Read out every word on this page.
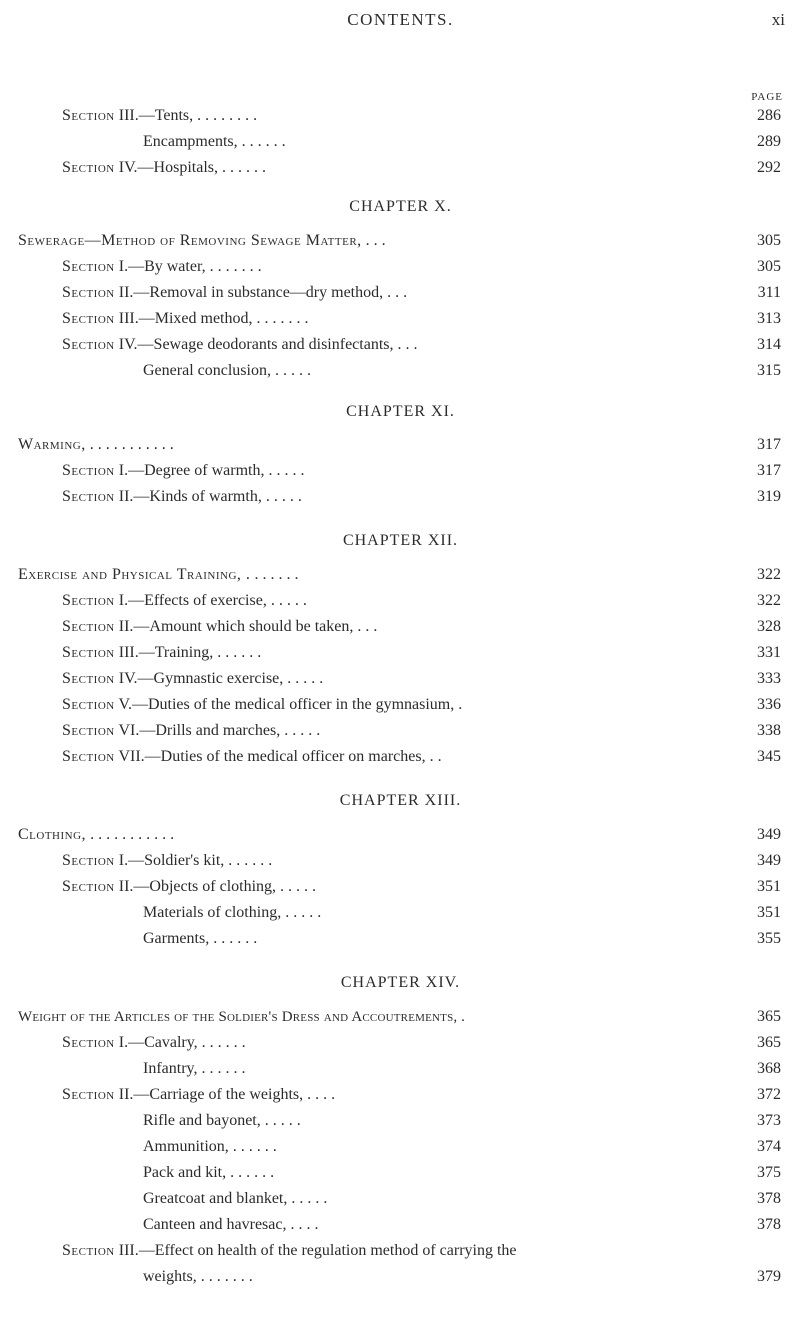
CONTENTS.	xi
PAGE
Section III.—Tents, . . . . . . . .	286
Encampments, . . . . . .	289
Section IV.—Hospitals, . . . . . .	292
CHAPTER X.
Sewerage—Method of Removing Sewage Matter, . . .	305
Section I.—By water, . . . . . . .	305
Section II.—Removal in substance—dry method, . . .	311
Section III.—Mixed method, . . . . . . .	313
Section IV.—Sewage deodorants and disinfectants, . . .	314
General conclusion, . . . . .	315
CHAPTER XI.
Warming, . . . . . . . . . . .	317
Section I.—Degree of warmth, . . . . .	317
Section II.—Kinds of warmth, . . . . .	319
CHAPTER XII.
Exercise and Physical Training, . . . . . . .	322
Section I.—Effects of exercise, . . . . .	322
Section II.—Amount which should be taken, . . .	328
Section III.—Training, . . . . . .	331
Section IV.—Gymnastic exercise, . . . . .	333
Section V.—Duties of the medical officer in the gymnasium, .	336
Section VI.—Drills and marches, . . . . .	338
Section VII.—Duties of the medical officer on marches, . .	345
CHAPTER XIII.
Clothing, . . . . . . . . . . .	349
Section I.—Soldier's kit, . . . . . .	349
Section II.—Objects of clothing, . . . . .	351
Materials of clothing, . . . . .	351
Garments, . . . . . .	355
CHAPTER XIV.
Weight of the Articles of the Soldier's Dress and Accoutrements, .	365
Section I.—Cavalry, . . . . . .	365
Infantry, . . . . . .	368
Section II.—Carriage of the weights, . . . .	372
Rifle and bayonet, . . . . .	373
Ammunition, . . . . . .	374
Pack and kit, . . . . . .	375
Greatcoat and blanket, . . . . .	378
Canteen and havresac, . . . .	378
Section III.—Effect on health of the regulation method of carrying the
weights, . . . . . . .	379
